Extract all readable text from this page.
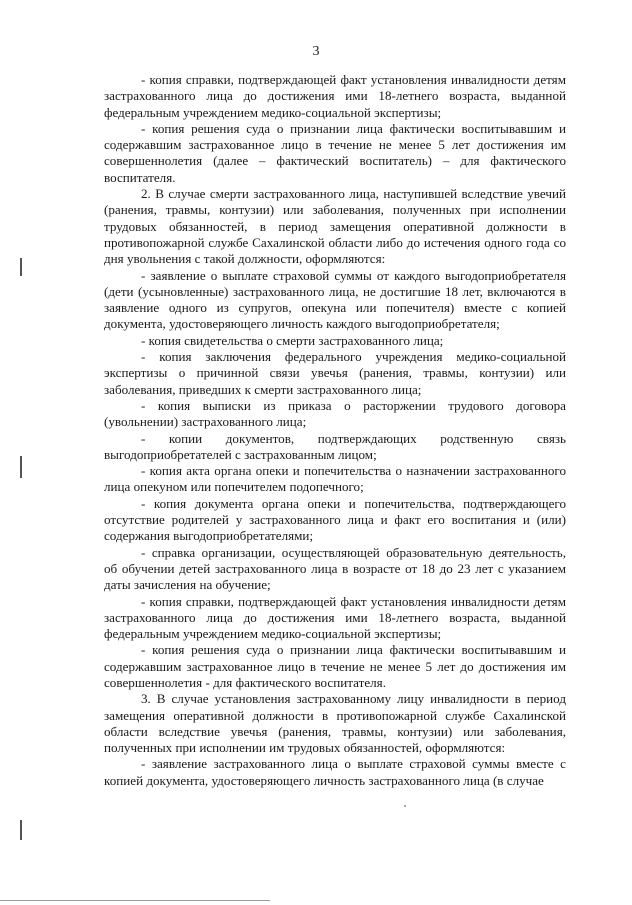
3

- копия справки, подтверждающей факт установления инвалидности детям застрахованного лица до достижения ими 18-летнего возраста, выданной федеральным учреждением медико-социальной экспертизы;

- копия решения суда о признании лица фактически воспитывавшим и содержавшим застрахованное лицо в течение не менее 5 лет достижения им совершеннолетия (далее – фактический воспитатель) – для фактического воспитателя.

2. В случае смерти застрахованного лица, наступившей вследствие увечий (ранения, травмы, контузии) или заболевания, полученных при исполнении трудовых обязанностей, в период замещения оперативной должности в противопожарной службе Сахалинской области либо до истечения одного года со дня увольнения с такой должности, оформляются:

- заявление о выплате страховой суммы от каждого выгодоприобретателя (дети (усыновленные) застрахованного лица, не достигшие 18 лет, включаются в заявление одного из супругов, опекуна или попечителя) вместе с копией документа, удостоверяющего личность каждого выгодоприобретателя;

- копия свидетельства о смерти застрахованного лица;

- копия заключения федерального учреждения медико-социальной экспертизы о причинной связи увечья (ранения, травмы, контузии) или заболевания, приведших к смерти застрахованного лица;

- копия выписки из приказа о расторжении трудового договора (увольнении) застрахованного лица;

- копии документов, подтверждающих родственную связь выгодоприобретателей с застрахованным лицом;

- копия акта органа опеки и попечительства о назначении застрахованного лица опекуном или попечителем подопечного;

- копия документа органа опеки и попечительства, подтверждающего отсутствие родителей у застрахованного лица и факт его воспитания и (или) содержания выгодоприобретателями;

- справка организации, осуществляющей образовательную деятельность, об обучении детей застрахованного лица в возрасте от 18 до 23 лет с указанием даты зачисления на обучение;

- копия справки, подтверждающей факт установления инвалидности детям застрахованного лица до достижения ими 18-летнего возраста, выданной федеральным учреждением медико-социальной экспертизы;

- копия решения суда о признании лица фактически воспитывавшим и содержавшим застрахованное лицо в течение не менее 5 лет до достижения им совершеннолетия - для фактического воспитателя.

3. В случае установления застрахованному лицу инвалидности в период замещения оперативной должности в противопожарной службе Сахалинской области вследствие увечья (ранения, травмы, контузии) или заболевания, полученных при исполнении им трудовых обязанностей, оформляются:

- заявление застрахованного лица о выплате страховой суммы вместе с копией документа, удостоверяющего личность застрахованного лица (в случае
